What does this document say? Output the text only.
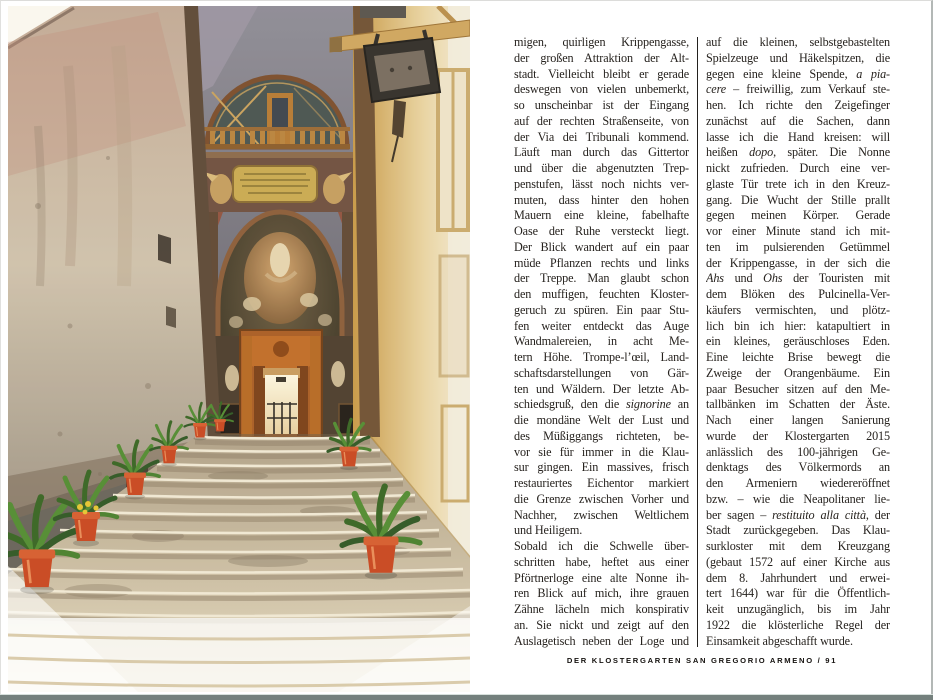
migen, quirligen Krippengasse,
der großen Attraktion der Alt-
stadt. Vielleicht bleibt er gerade
deswegen von vielen unbemerkt,
so unscheinbar ist der Eingang
auf der rechten Straßenseite, von
der Via dei Tribunali kommend.
Läuft man durch das Gittertor
und über die abgenutzten Trep-
penstufen, lässt noch nichts ver-
muten, dass hinter den hohen
Mauern eine kleine, fabelhafte
Oase der Ruhe versteckt liegt.
Der Blick wandert auf ein paar
müde Pflanzen rechts und links
der Treppe. Man glaubt schon
den muffigen, feuchten Kloster-
geruch zu spüren. Ein paar Stu-
fen weiter entdeckt das Auge
Wandmalereien, in acht Me-
tern Höhe. Trompe-l’œil, Land-
schaftsdarstellungen von Gär-
ten und Wäldern. Der letzte Ab-
schiedsgruß, den die signorine an
die mondäne Welt der Lust und
des Müßiggangs richteten, be-
vor sie für immer in die Klau-
sur gingen. Ein massives, frisch
restauriertes Eichentor markiert
die Grenze zwischen Vorher und
Nachher, zwischen Weltlichem
und Heiligem.
Sobald ich die Schwelle über-
schritten habe, heftet aus einer
Pförtnerloge eine alte Nonne ih-
ren Blick auf mich, ihre grauen
Zähne lächeln mich konspirativ
an. Sie nickt und zeigt auf den
Auslagetisch neben der Loge und
auf die kleinen, selbstgebastelten
Spielzeuge und Häkelspitzen, die
gegen eine kleine Spende, a pia-
cere – freiwillig, zum Verkauf ste-
hen. Ich richte den Zeigefinger
zunächst auf die Sachen, dann
lasse ich die Hand kreisen: will
heißen dopo, später. Die Nonne
nickt zufrieden. Durch eine ver-
glaste Tür trete ich in den Kreuz-
gang. Die Wucht der Stille prallt
gegen meinen Körper. Gerade
vor einer Minute stand ich mit-
ten im pulsierenden Getümmel
der Krippengasse, in der sich die
Ahs und Ohs der Touristen mit
dem Blöken des Pulcinella-Ver-
käufers vermischten, und plötz-
lich bin ich hier: katapultiert in
ein kleines, geräuschloses Eden.
Eine leichte Brise bewegt die
Zweige der Orangenbäume. Ein
paar Besucher sitzen auf den Me-
tallbänken im Schatten der Äste.
Nach einer langen Sanierung
wurde der Klostergarten 2015
anlässlich des 100-jährigen Ge-
denktags des Völkermords an
den Armeniern wiedereröffnet
bzw. – wie die Neapolitaner lie-
ber sagen – restituito alla città, der
Stadt zurückgegeben. Das Klau-
surkloster mit dem Kreuzgang
(gebaut 1572 auf einer Kirche aus
dem 8. Jahrhundert und erwei-
tert 1644) war für die Öffentlich-
keit unzugänglich, bis im Jahr
1922 die klösterliche Regel der
Einsamkeit abgeschafft wurde.
DER KLOSTERGARTEN SAN GREGORIO ARMENO / 91
